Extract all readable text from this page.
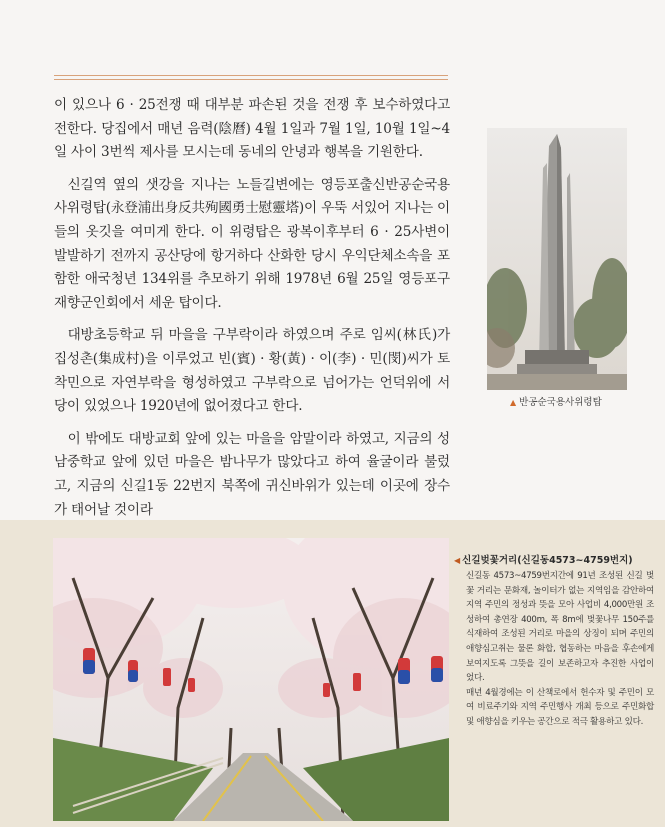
이 있으나 6 · 25전쟁 때 대부분 파손된 것을 전쟁 후 보수하였다고 전한다. 당집에서 매년 음력(陰曆) 4월 1일과 7월 1일, 10월 1일~4일 사이 3번씩 제사를 모시는데 동네의 안녕과 행복을 기원한다.

신길역 옆의 샛강을 지나는 노들길변에는 영등포출신반공순국용사위령탑(永登浦出身反共殉國勇士慰靈塔)이 우뚝 서있어 지나는 이들의 옷깃을 여미게 한다. 이 위령탑은 광복이후부터 6 · 25사변이 발발하기 전까지 공산당에 항거하다 산화한 당시 우익단체소속을 포함한 애국청년 134위를 추모하기 위해 1978년 6월 25일 영등포구 재향군인회에서 세운 탑이다.

대방초등학교 뒤 마을을 구부락이라 하였으며 주로 임씨(林氏)가 집성촌(集成村)을 이루었고 빈(賓) · 황(黃) · 이(李) · 민(閔)씨가 토착민으로 자연부락을 형성하였고 구부락으로 넘어가는 언덕위에 서당이 있었으나 1920년에 없어졌다고 한다.

이 밖에도 대방교회 앞에 있는 마을을 암말이라 하였고, 지금의 성남중학교 앞에 있던 마을은 밤나무가 많았다고 하여 율굴이라 불렀고, 지금의 신길1동 22번지 북쪽에 귀신바위가 있는데 이곳에 장수가 태어날 것이라

▲ 반공순국용사위령탑
◀ 신길벚꽃거리(신길동4573~4759번지)

신길동 4573~4759번지간에 91년 조성된 신길 벚꽃 거리는 문화재, 놀이터가 없는 지역임을 감안하여 지역 주민의 정성과 뜻을 모아 사업비 4,000만원 조성하여 총연장 400m, 폭 8m에 벚꽃나무 150주를 식재하여 조성된 거리로 마을의 상징이 되며 주민의 애향심고취는 물론 화합, 협동하는 마음을 후손에게 보여지도록 그뜻을 길이 보존하고자 추진한 사업이었다.

매년 4월경에는 이 산책로에서 헌수자 및 주민이 모여 비료주기와 지역 주민행사 개최 등으로 주민화합 및 애향심을 키우는 공간으로 적극 활용하고 있다.
